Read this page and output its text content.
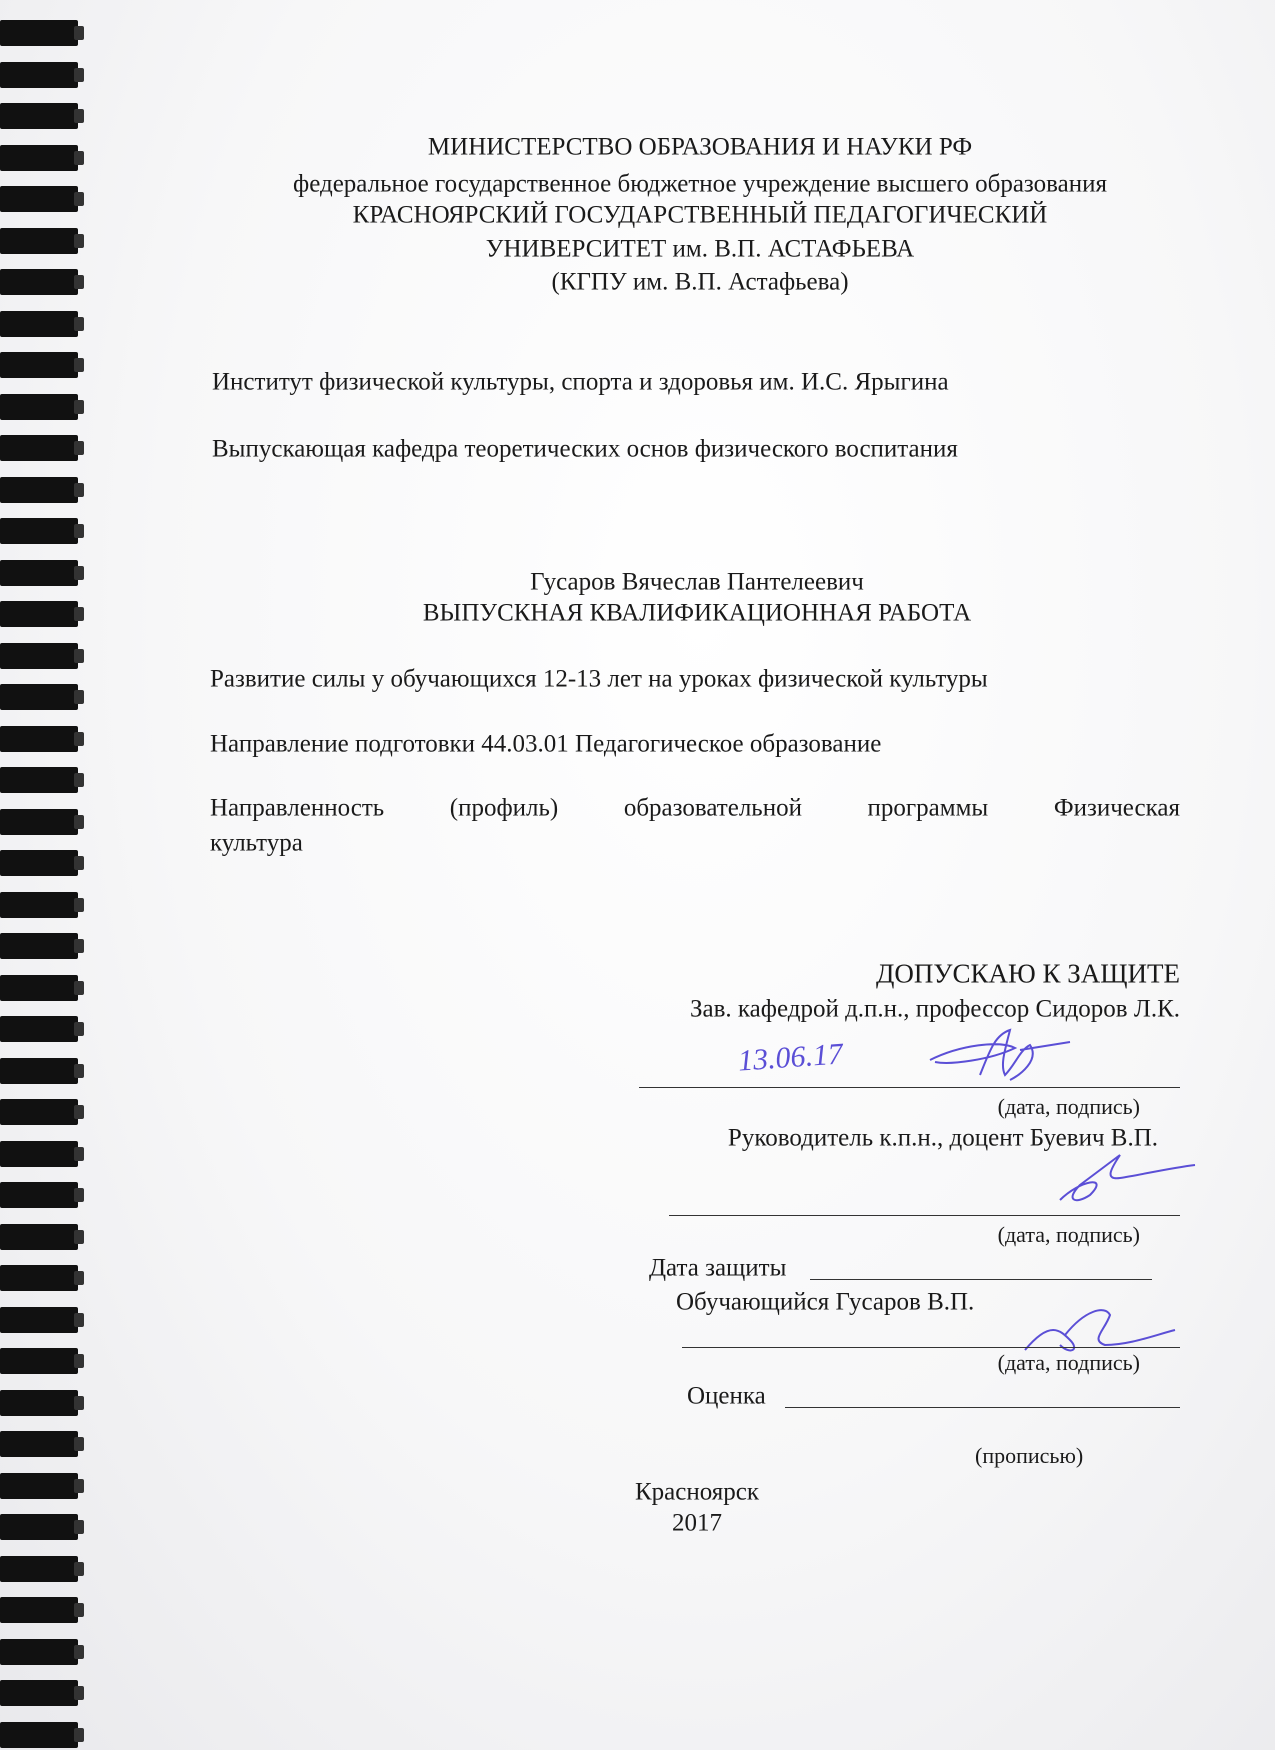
МИНИСТЕРСТВО ОБРАЗОВАНИЯ И НАУКИ РФ
федеральное государственное бюджетное учреждение высшего образования
КРАСНОЯРСКИЙ ГОСУДАРСТВЕННЫЙ ПЕДАГОГИЧЕСКИЙ
УНИВЕРСИТЕТ им. В.П. АСТАФЬЕВА
(КГПУ им. В.П. Астафьева)
Институт физической культуры, спорта и здоровья им. И.С. Ярыгина
Выпускающая кафедра теоретических основ физического воспитания
Гусаров Вячеслав Пантелеевич
ВЫПУСКНАЯ КВАЛИФИКАЦИОННАЯ РАБОТА
Развитие силы у обучающихся 12-13 лет на уроках физической культуры
Направление подготовки 44.03.01 Педагогическое образование
Направленность	(профиль)	образовательной	программы	Физическая
культура
ДОПУСКАЮ К ЗАЩИТЕ
Зав. кафедрой д.п.н., профессор Сидоров Л.К.
13.06.17
(дата, подпись)
Руководитель к.п.н., доцент Буевич В.П.
(дата, подпись)
Дата защиты
Обучающийся Гусаров В.П.
(дата, подпись)
Оценка
(прописью)
Красноярск
2017
